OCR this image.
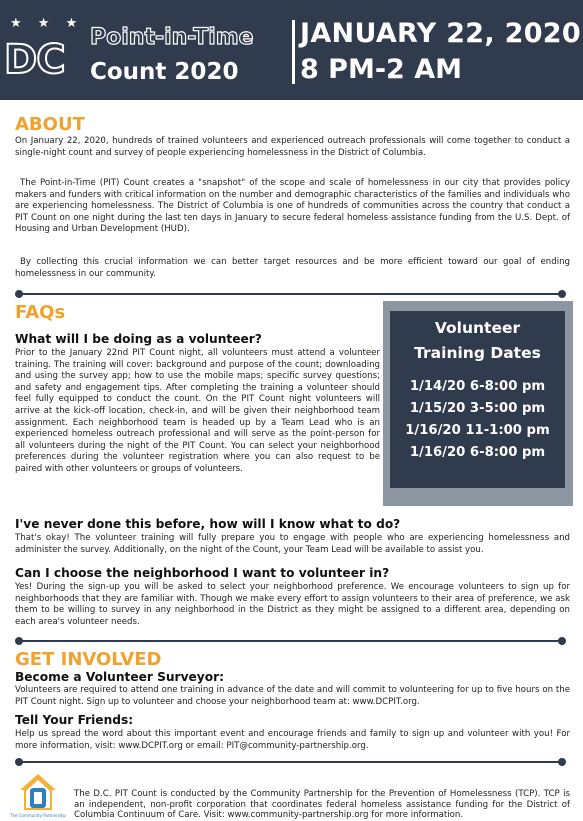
★ ★ ★
DC	Point-in-Time
Count 2020
JANUARY 22, 2020
8 PM-2 AM
ABOUT
On January 22, 2020, hundreds of trained volunteers and experienced outreach professionals will come together to conduct a single-night count and survey of people experiencing homelessness in the District of Columbia.
The Point-in-Time (PIT) Count creates a "snapshot" of the scope and scale of homelessness in our city that provides policy makers and funders with critical information on the number and demographic characteristics of the families and individuals who are experiencing homelessness. The District of Columbia is one of hundreds of communities across the country that conduct a PIT Count on one night during the last ten days in January to secure federal homeless assistance funding from the U.S. Dept. of Housing and Urban Development (HUD).
By collecting this crucial information we can better target resources and be more efficient toward our goal of ending homelessness in our community.
FAQs
What will I be doing as a volunteer?
Prior to the January 22nd PIT Count night, all volunteers must attend a volunteer training. The training will cover: background and purpose of the count; downloading and using the survey app; how to use the mobile maps; specific survey questions; and safety and engagement tips. After completing the training a volunteer should feel fully equipped to conduct the count. On the PIT Count night volunteers will arrive at the kick-off location, check-in, and will be given their neighborhood team assignment. Each neighborhood team is headed up by a Team Lead who is an experienced homeless outreach professional and will serve as the point-person for all volunteers during the night of the PIT Count. You can select your neighborhood preferences during the volunteer registration where you can also request to be paired with other volunteers or groups of volunteers.
Volunteer
Training Dates
1/14/20 6-8:00 pm
1/15/20 3-5:00 pm
1/16/20 11-1:00 pm
1/16/20 6-8:00 pm
I've never done this before, how will I know what to do?
That's okay! The volunteer training will fully prepare you to engage with people who are experiencing homelessness and administer the survey. Additionally, on the night of the Count, your Team Lead will be available to assist you.
Can I choose the neighborhood I want to volunteer in?
Yes! During the sign-up you will be asked to select your neighborhood preference. We encourage volunteers to sign up for neighborhoods that they are familiar with. Though we make every effort to assign volunteers to their area of preference, we ask them to be willing to survey in any neighborhood in the District as they might be assigned to a different area, depending on each area's volunteer needs.
GET INVOLVED
Become a Volunteer Surveyor:
Volunteers are required to attend one training in advance of the date and will commit to volunteering for up to five hours on the PIT Count night. Sign up to volunteer and choose your neighborhood team at: www.DCPIT.org.
Tell Your Friends:
Help us spread the word about this important event and encourage friends and family to sign up and volunteer with you! For more information, visit: www.DCPIT.org or email: PIT@community-partnership.org.
The Community Partnership
The D.C. PIT Count is conducted by the Community Partnership for the Prevention of Homelessness (TCP). TCP is an independent, non-profit corporation that coordinates federal homeless assistance funding for the District of Columbia Continuum of Care. Visit: www.community-partnership.org for more information.
